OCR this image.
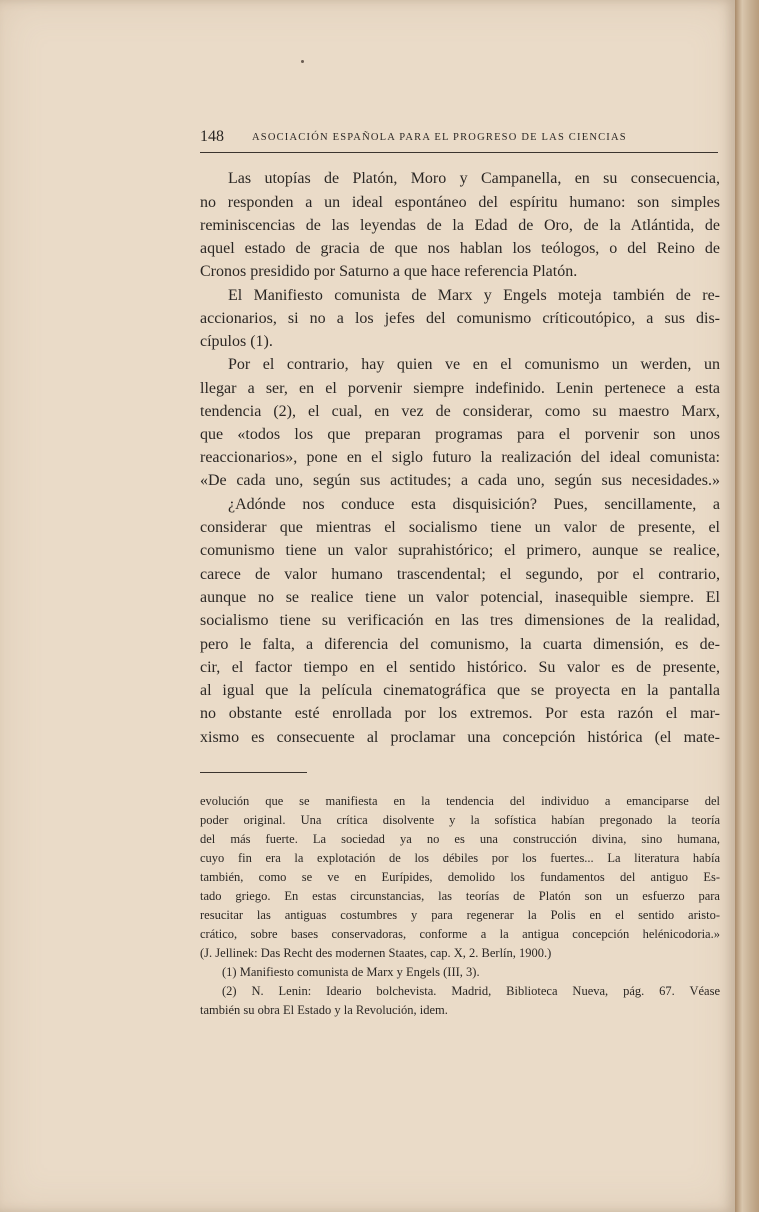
148	ASOCIACIÓN ESPAÑOLA PARA EL PROGRESO DE LAS CIENCIAS
Las utopías de Platón, Moro y Campanella, en su consecuencia,
no responden a un ideal espontáneo del espíritu humano: son simples
reminiscencias de las leyendas de la Edad de Oro, de la Atlántida, de
aquel estado de gracia de que nos hablan los teólogos, o del Reino de
Cronos presidido por Saturno a que hace referencia Platón.
El Manifiesto comunista de Marx y Engels moteja también de re-
accionarios, si no a los jefes del comunismo críticoutópico, a sus dis-
cípulos (1).
Por el contrario, hay quien ve en el comunismo un werden, un
llegar a ser, en el porvenir siempre indefinido. Lenin pertenece a esta
tendencia (2), el cual, en vez de considerar, como su maestro Marx,
que «todos los que preparan programas para el porvenir son unos
reaccionarios», pone en el siglo futuro la realización del ideal comunista:
«De cada uno, según sus actitudes; a cada uno, según sus necesidades.»
¿Adónde nos conduce esta disquisición? Pues, sencillamente, a
considerar que mientras el socialismo tiene un valor de presente, el
comunismo tiene un valor suprahistórico; el primero, aunque se realice,
carece de valor humano trascendental; el segundo, por el contrario,
aunque no se realice tiene un valor potencial, inasequible siempre. El
socialismo tiene su verificación en las tres dimensiones de la realidad,
pero le falta, a diferencia del comunismo, la cuarta dimensión, es de-
cir, el factor tiempo en el sentido histórico. Su valor es de presente,
al igual que la película cinematográfica que se proyecta en la pantalla
no obstante esté enrollada por los extremos. Por esta razón el mar-
xismo es consecuente al proclamar una concepción histórica (el mate-
evolución que se manifiesta en la tendencia del individuo a emanciparse del
poder original. Una crítica disolvente y la sofística habían pregonado la teoría
del más fuerte. La sociedad ya no es una construcción divina, sino humana,
cuyo fin era la explotación de los débiles por los fuertes... La literatura había
también, como se ve en Eurípides, demolido los fundamentos del antiguo Es-
tado griego. En estas circunstancias, las teorías de Platón son un esfuerzo para
resucitar las antiguas costumbres y para regenerar la Polis en el sentido aristo-
crático, sobre bases conservadoras, conforme a la antigua concepción helénicodoria.»
(J. Jellinek: Das Recht des modernen Staates, cap. X, 2. Berlín, 1900.)
(1) Manifiesto comunista de Marx y Engels (III, 3).
(2) N. Lenin: Ideario bolchevista. Madrid, Biblioteca Nueva, pág. 67. Véase
también su obra El Estado y la Revolución, idem.
